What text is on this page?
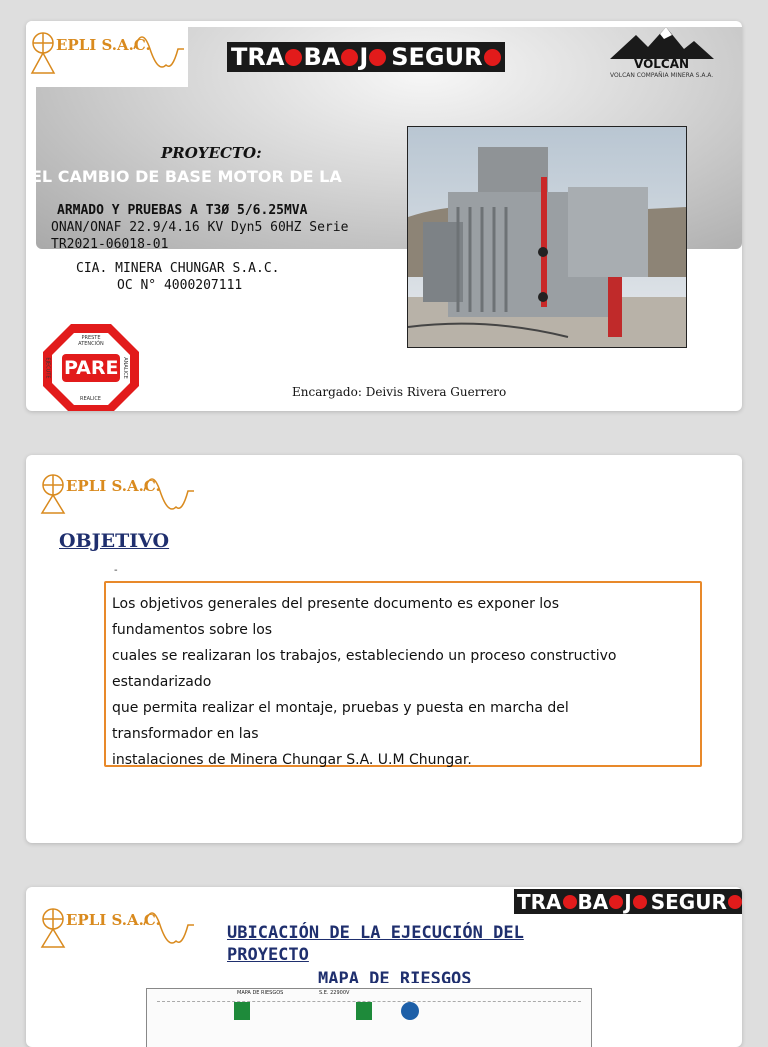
EPLI S.A.C.	TRA BA J SEGUR	VOLCAN
VOLCAN COMPAÑIA MINERA S.A.A.
PROYECTO:
EL CAMBIO DE BASE MOTOR DE LA
ARMADO Y PRUEBAS A T3Ø 5/6.25MVA
ONAN/ONAF 22.9/4.16 KV Dyn5 60HZ Serie
TR2021-06018-01
CIA. MINERA CHUNGAR S.A.C.
OC N° 4000207111
PARE
PRESTE ATENCIÓN
REALICE
EJECUTE	ANALICE
Encargado: Deivis Rivera Guerrero
EPLI S.A.C.
OBJETIVO
-
Los objetivos generales del presente documento es exponer los
fundamentos sobre los
cuales se realizaran los trabajos, estableciendo un proceso constructivo
estandarizado
que permita realizar el montaje, pruebas y puesta en marcha del
transformador en las
instalaciones de Minera Chungar S.A. U.M Chungar.
EPLI S.A.C.
TRA BA J SEGUR
UBICACIÓN DE LA EJECUCIÓN DEL
PROYECTO
MAPA DE RIESGOS
MAPA DE RIESGOS	S.E. 22900V
